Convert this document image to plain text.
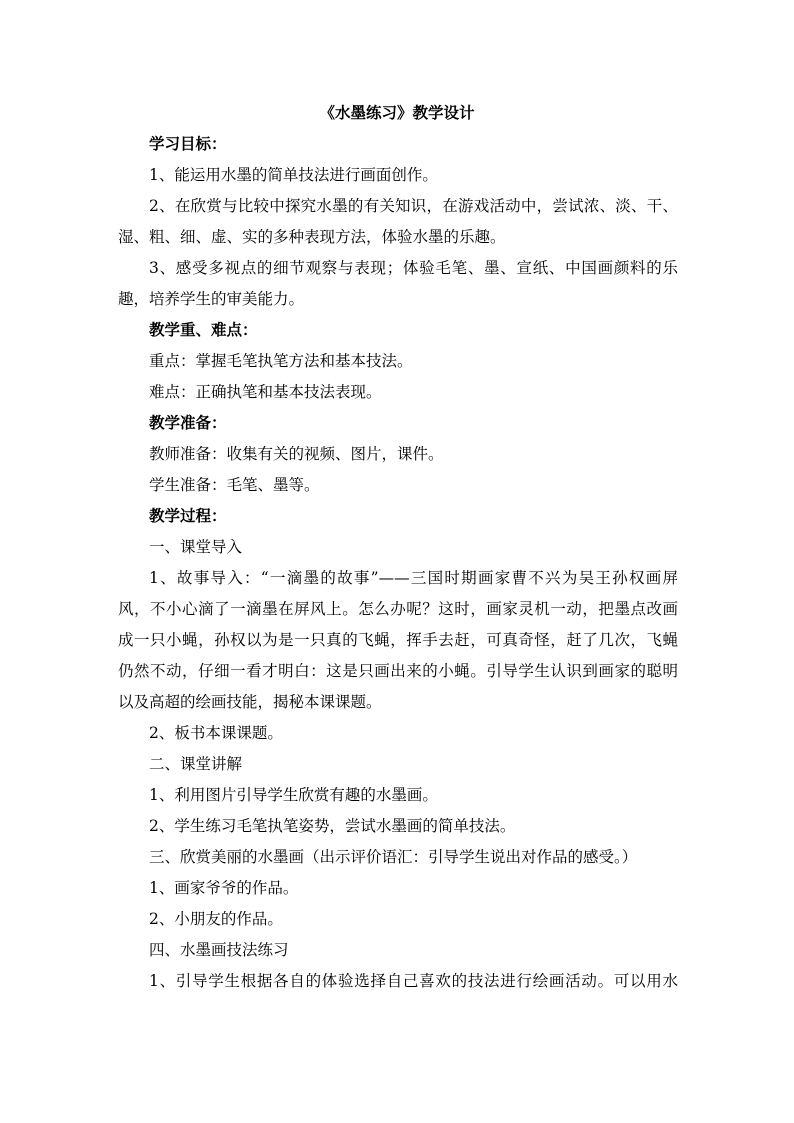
《水墨练习》教学设计
学习目标：
1、能运用水墨的简单技法进行画面创作。
2、在欣赏与比较中探究水墨的有关知识，在游戏活动中，尝试浓、淡、干、
湿、粗、细、虚、实的多种表现方法，体验水墨的乐趣。
3、感受多视点的细节观察与表现；体验毛笔、墨、宣纸、中国画颜料的乐
趣，培养学生的审美能力。
教学重、难点：
重点：掌握毛笔执笔方法和基本技法。
难点：正确执笔和基本技法表现。
教学准备：
教师准备：收集有关的视频、图片，课件。
学生准备：毛笔、墨等。
教学过程：
一、课堂导入
1、故事导入：“一滴墨的故事”——三国时期画家曹不兴为吴王孙权画屏
风，不小心滴了一滴墨在屏风上。怎么办呢？这时，画家灵机一动，把墨点改画
成一只小蝇，孙权以为是一只真的飞蝇，挥手去赶，可真奇怪，赶了几次，飞蝇
仍然不动，仔细一看才明白：这是只画出来的小蝇。引导学生认识到画家的聪明
以及高超的绘画技能，揭秘本课课题。
2、板书本课课题。
二、课堂讲解
1、利用图片引导学生欣赏有趣的水墨画。
2、学生练习毛笔执笔姿势，尝试水墨画的简单技法。
三、欣赏美丽的水墨画（出示评价语汇：引导学生说出对作品的感受。）
1、画家爷爷的作品。
2、小朋友的作品。
四、水墨画技法练习
1、引导学生根据各自的体验选择自己喜欢的技法进行绘画活动。可以用水
